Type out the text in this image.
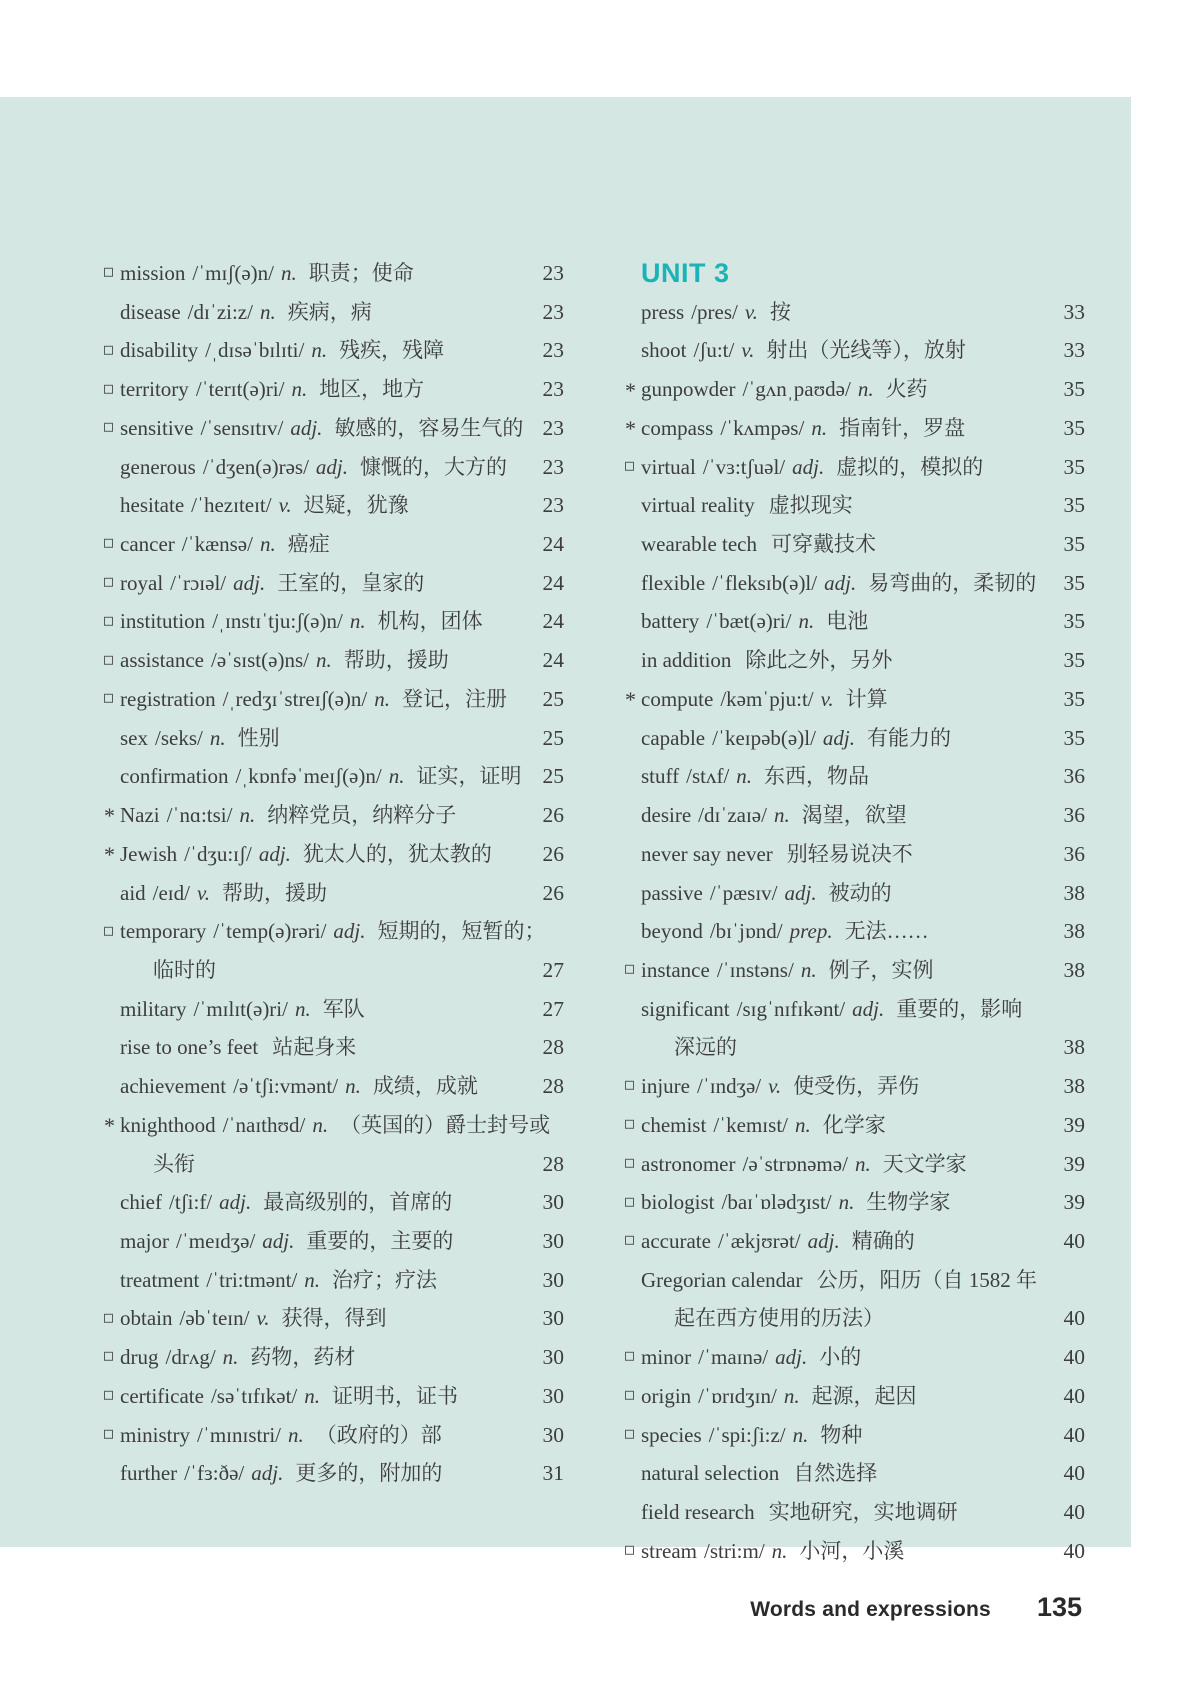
mission /ˈmɪʃ(ə)n/ n. 职责；使命	23
disease /dɪˈzi:z/ n. 疾病，病	23
disability /ˌdɪsəˈbɪlɪti/ n. 残疾，残障	23
territory /ˈterɪt(ə)ri/ n. 地区，地方	23
sensitive /ˈsensɪtɪv/ adj. 敏感的，容易生气的 23
generous /ˈdʒen(ə)rəs/ adj. 慷慨的，大方的	23
hesitate /ˈhezɪteɪt/ v. 迟疑，犹豫	23
cancer /ˈkænsə/ n. 癌症	24
royal /ˈrɔɪəl/ adj. 王室的，皇家的	24
institution /ˌɪnstɪˈtju:ʃ(ə)n/ n. 机构，团体	24
assistance /əˈsɪst(ə)ns/ n. 帮助，援助	24
registration /ˌredʒɪˈstreɪʃ(ə)n/ n. 登记，注册	25
sex /seks/ n. 性别	25
confirmation /ˌkɒnfəˈmeɪʃ(ə)n/ n. 证实，证明 25
* Nazi /ˈnɑ:tsi/ n. 纳粹党员，纳粹分子	26
* Jewish /ˈdʒu:ɪʃ/ adj. 犹太人的，犹太教的	26
aid /eɪd/ v. 帮助，援助	26
temporary /ˈtemp(ə)rəri/ adj. 短期的，短暂的；
临时的	27
military /ˈmɪlɪt(ə)ri/ n. 军队	27
rise to one’s feet 站起身来	28
achievement /əˈtʃi:vmənt/ n. 成绩，成就	28
* knighthood /ˈnaɪthʊd/ n. （英国的）爵士封号或
头衔	28
chief /tʃi:f/ adj. 最高级别的，首席的	30
major /ˈmeɪdʒə/ adj. 重要的，主要的	30
treatment /ˈtri:tmənt/ n. 治疗；疗法	30
obtain /əbˈteɪn/ v. 获得，得到	30
drug /drʌg/ n. 药物，药材	30
certificate /səˈtɪfɪkət/ n. 证明书，证书	30
ministry /ˈmɪnɪstri/ n. （政府的）部	30
further /ˈfɜ:ðə/ adj. 更多的，附加的	31
UNIT 3
press /pres/ v. 按	33
shoot /ʃu:t/ v. 射出（光线等），放射	33
* gunpowder /ˈgʌnˌpaʊdə/ n. 火药	35
* compass /ˈkʌmpəs/ n. 指南针，罗盘	35
virtual /ˈvɜ:tʃuəl/ adj. 虚拟的，模拟的	35
virtual reality 虚拟现实	35
wearable tech 可穿戴技术	35
flexible /ˈfleksɪb(ə)l/ adj. 易弯曲的，柔韧的	35
battery /ˈbæt(ə)ri/ n. 电池	35
in addition 除此之外，另外	35
* compute /kəmˈpju:t/ v. 计算	35
capable /ˈkeɪpəb(ə)l/ adj. 有能力的	35
stuff /stʌf/ n. 东西，物品	36
desire /dɪˈzaɪə/ n. 渴望，欲望	36
never say never 别轻易说决不	36
passive /ˈpæsɪv/ adj. 被动的	38
beyond /bɪˈjɒnd/ prep. 无法……	38
instance /ˈɪnstəns/ n. 例子，实例	38
significant /sɪgˈnɪfɪkənt/ adj. 重要的，影响
深远的	38
injure /ˈɪndʒə/ v. 使受伤，弄伤	38
chemist /ˈkemɪst/ n. 化学家	39
astronomer /əˈstrɒnəmə/ n. 天文学家	39
biologist /baɪˈɒlədʒɪst/ n. 生物学家	39
accurate /ˈækjʊrət/ adj. 精确的	40
Gregorian calendar 公历，阳历（自 1582 年
起在西方使用的历法）	40
minor /ˈmaɪnə/ adj. 小的	40
origin /ˈɒrɪdʒɪn/ n. 起源，起因	40
species /ˈspi:ʃi:z/ n. 物种	40
natural selection 自然选择	40
field research 实地研究，实地调研	40
stream /stri:m/ n. 小河，小溪	40
Words and expressions 135
